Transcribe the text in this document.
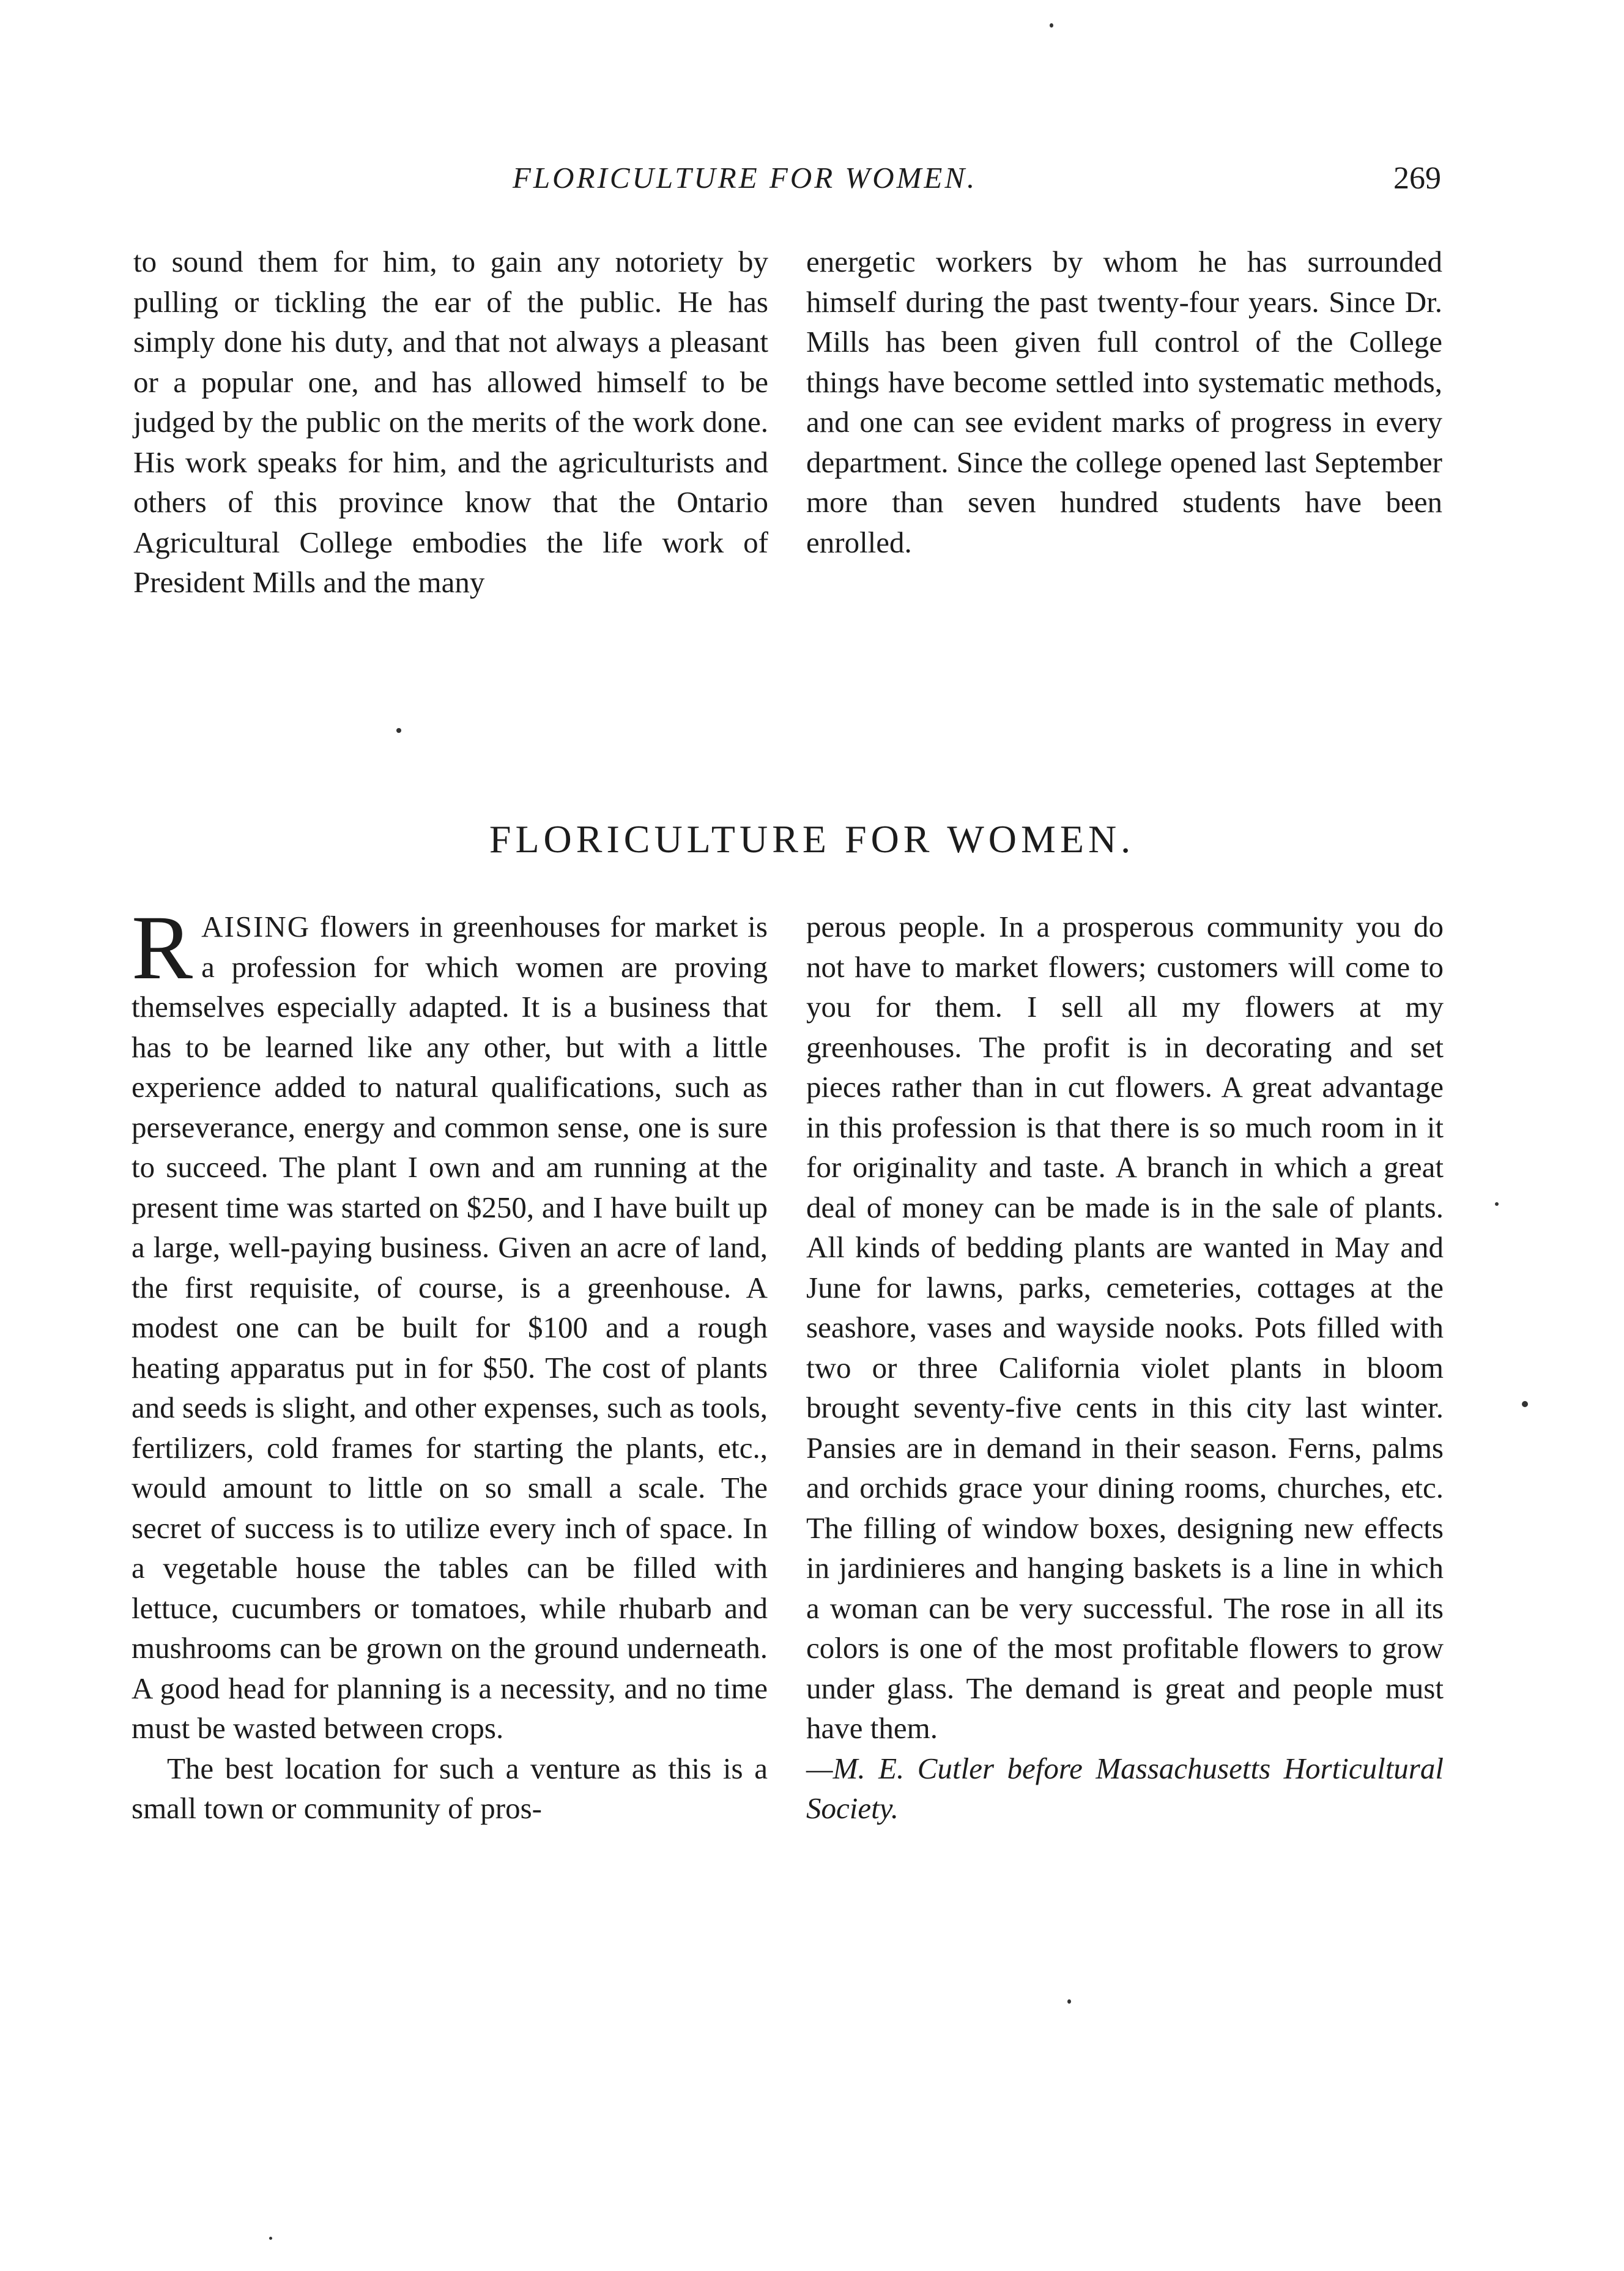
FLORICULTURE FOR WOMEN.	269

to sound them for him, to gain any notoriety by pulling or tickling the ear of the public. He has simply done his duty, and that not always a pleasant or a popular one, and has allowed himself to be judged by the public on the merits of the work done. His work speaks for him, and the agriculturists and others of this province know that the Ontario Agricultural College embodies the life work of President Mills and the many

energetic workers by whom he has surrounded himself during the past twenty-four years. Since Dr. Mills has been given full control of the College things have become settled into systematic methods, and one can see evident marks of progress in every department. Since the college opened last September more than seven hundred students have been enrolled.

FLORICULTURE FOR WOMEN.

RAISING flowers in greenhouses for market is a profession for which women are proving themselves especially adapted. It is a business that has to be learned like any other, but with a little experience added to natural qualifications, such as perseverance, energy and common sense, one is sure to succeed. The plant I own and am running at the present time was started on $250, and I have built up a large, well-paying business. Given an acre of land, the first requisite, of course, is a greenhouse. A modest one can be built for $100 and a rough heating apparatus put in for $50. The cost of plants and seeds is slight, and other expenses, such as tools, fertilizers, cold frames for starting the plants, etc., would amount to little on so small a scale. The secret of success is to utilize every inch of space. In a vegetable house the tables can be filled with lettuce, cucumbers or tomatoes, while rhubarb and mushrooms can be grown on the ground underneath. A good head for planning is a necessity, and no time must be wasted between crops.

The best location for such a venture as this is a small town or community of pros-

perous people. In a prosperous community you do not have to market flowers; customers will come to you for them. I sell all my flowers at my greenhouses. The profit is in decorating and set pieces rather than in cut flowers. A great advantage in this profession is that there is so much room in it for originality and taste. A branch in which a great deal of money can be made is in the sale of plants. All kinds of bedding plants are wanted in May and June for lawns, parks, cemeteries, cottages at the seashore, vases and wayside nooks. Pots filled with two or three California violet plants in bloom brought seventy-five cents in this city last winter. Pansies are in demand in their season. Ferns, palms and orchids grace your dining rooms, churches, etc. The filling of window boxes, designing new effects in jardinieres and hanging baskets is a line in which a woman can be very successful. The rose in all its colors is one of the most profitable flowers to grow under glass. The demand is great and people must have them.

—M. E. Cutler before Massachusetts Horticultural Society.
